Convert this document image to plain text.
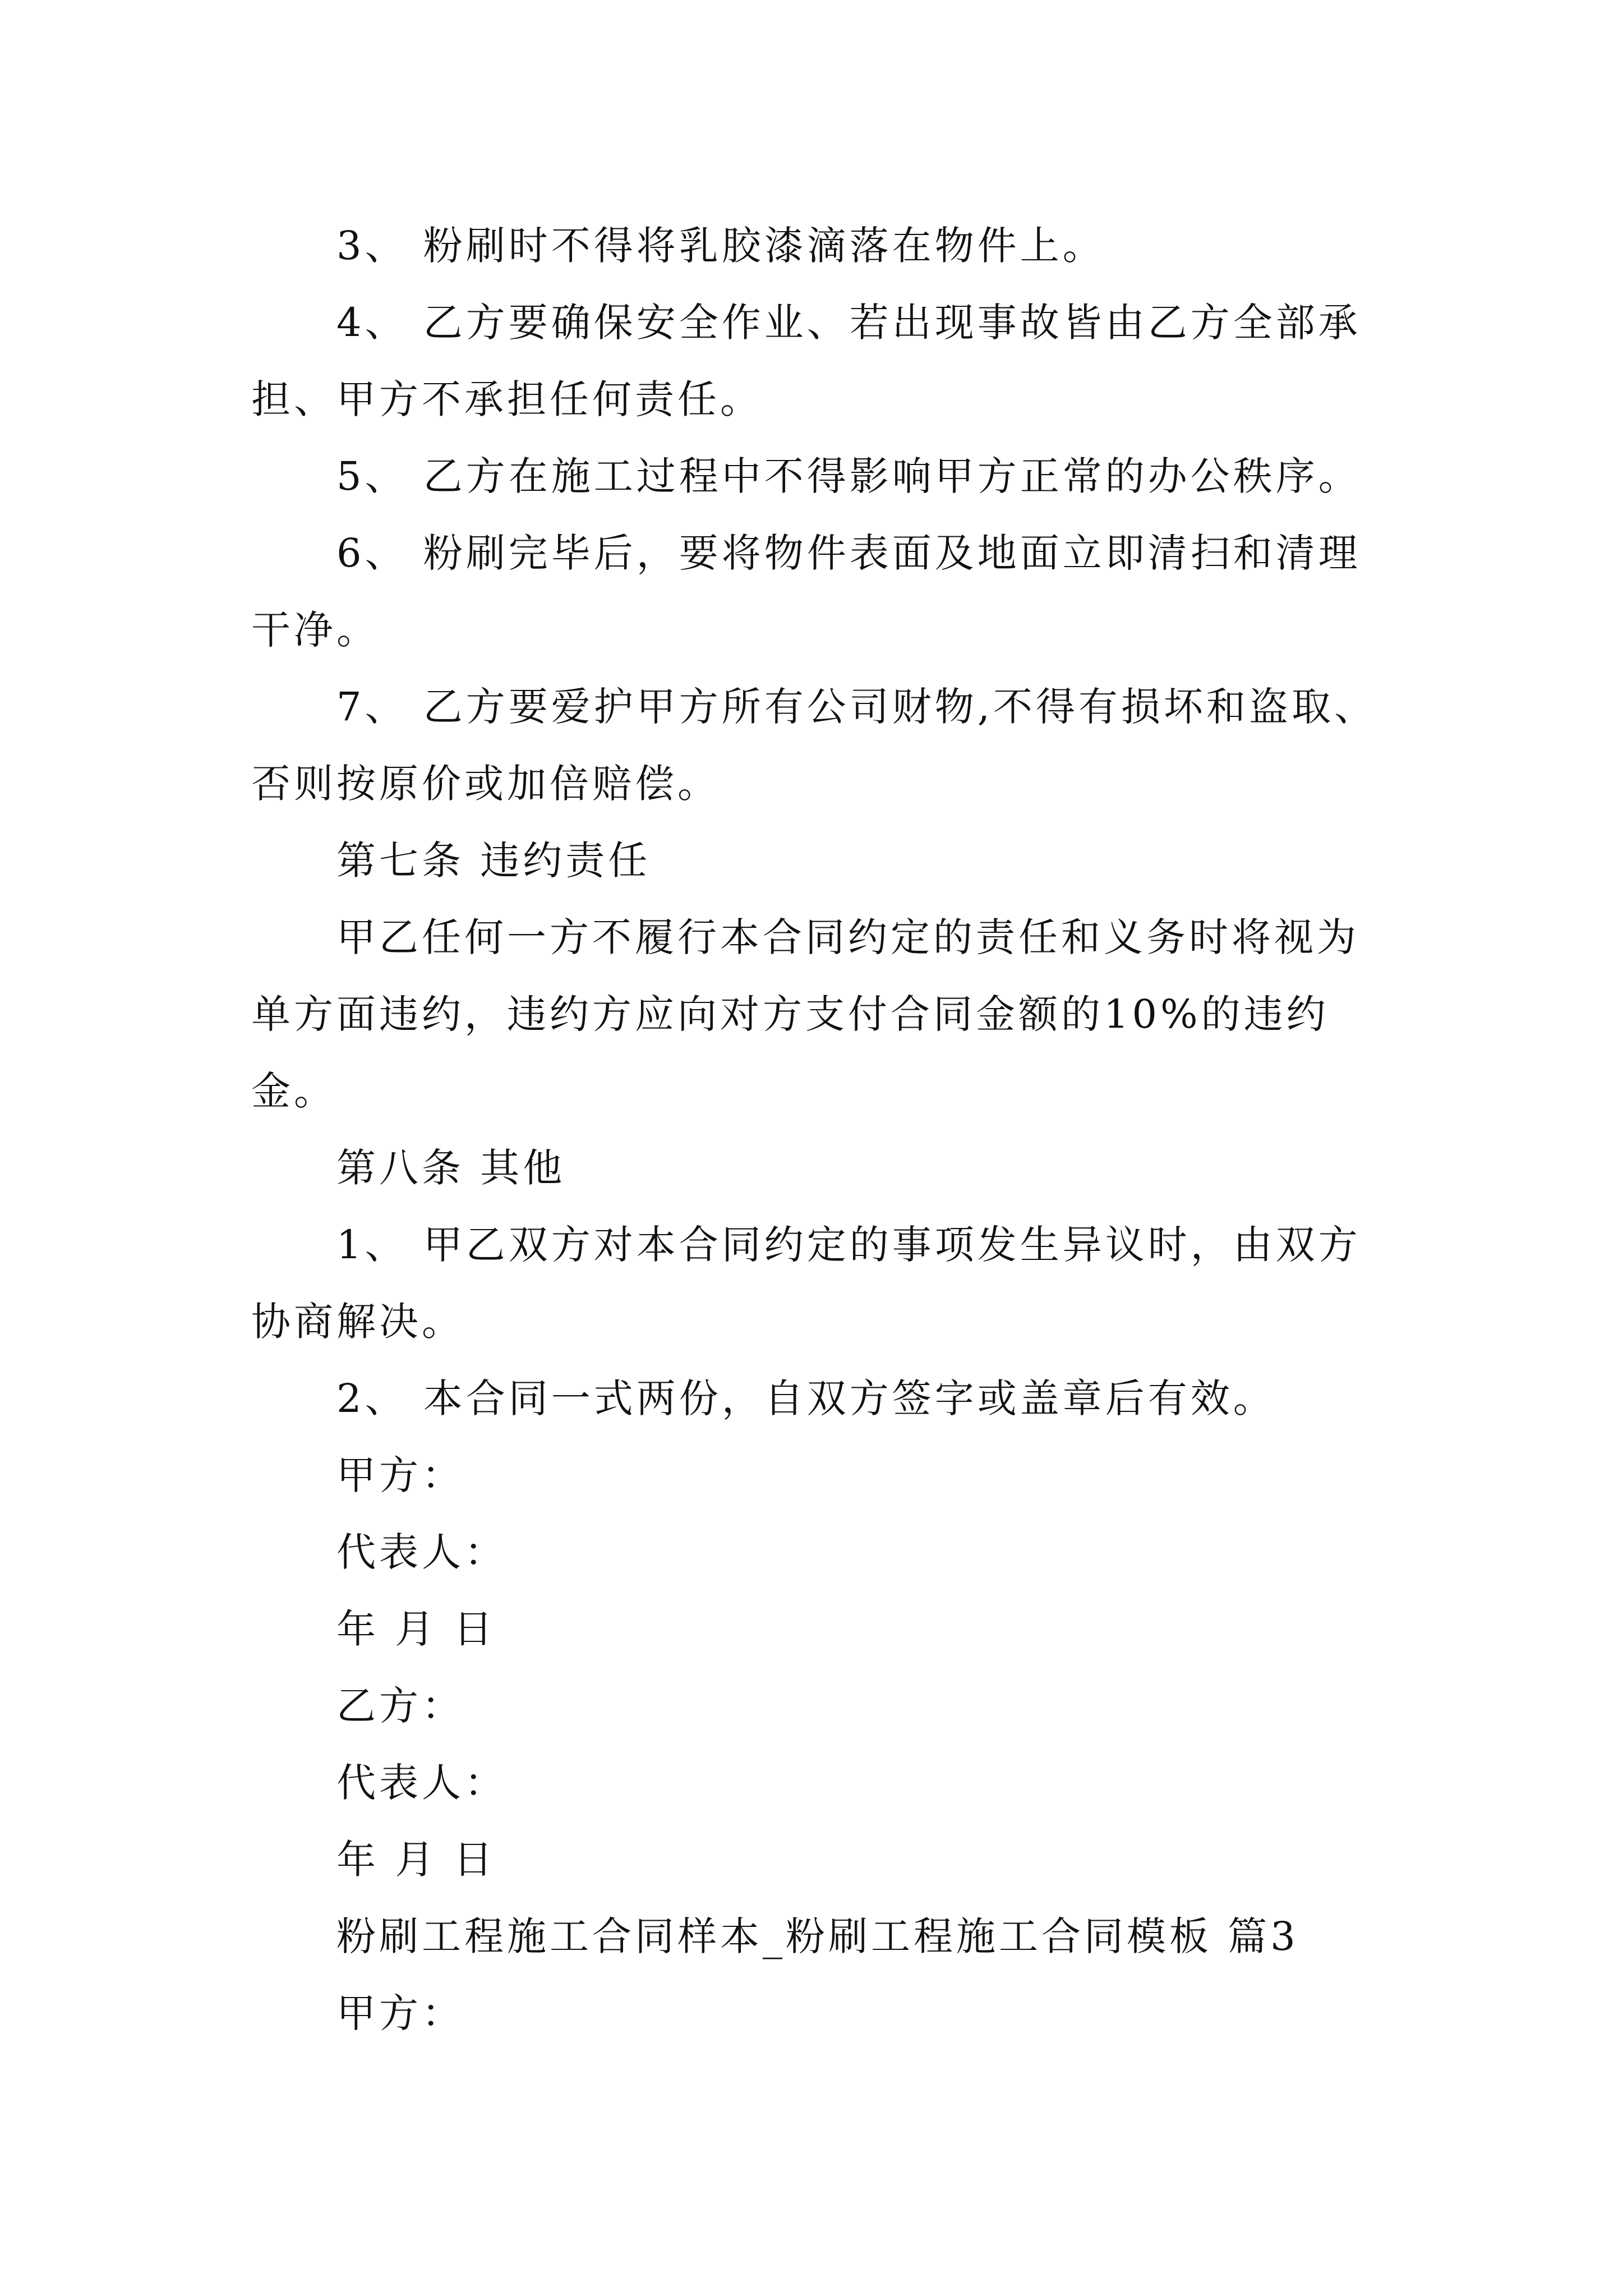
3、 粉刷时不得将乳胶漆滴落在物件上。

4、 乙方要确保安全作业、若出现事故皆由乙方全部承担、甲方不承担任何责任。

5、 乙方在施工过程中不得影响甲方正常的办公秩序。

6、 粉刷完毕后，要将物件表面及地面立即清扫和清理干净。

7、 乙方要爱护甲方所有公司财物,不得有损坏和盗取、否则按原价或加倍赔偿。

第七条 违约责任

甲乙任何一方不履行本合同约定的责任和义务时将视为单方面违约，违约方应向对方支付合同金额的10%的违约金。

第八条 其他

1、 甲乙双方对本合同约定的事项发生异议时，由双方协商解决。

2、 本合同一式两份，自双方签字或盖章后有效。

甲方：

代表人：

年 月 日

乙方：

代表人：

年 月 日

粉刷工程施工合同样本_粉刷工程施工合同模板 篇3

甲方：
